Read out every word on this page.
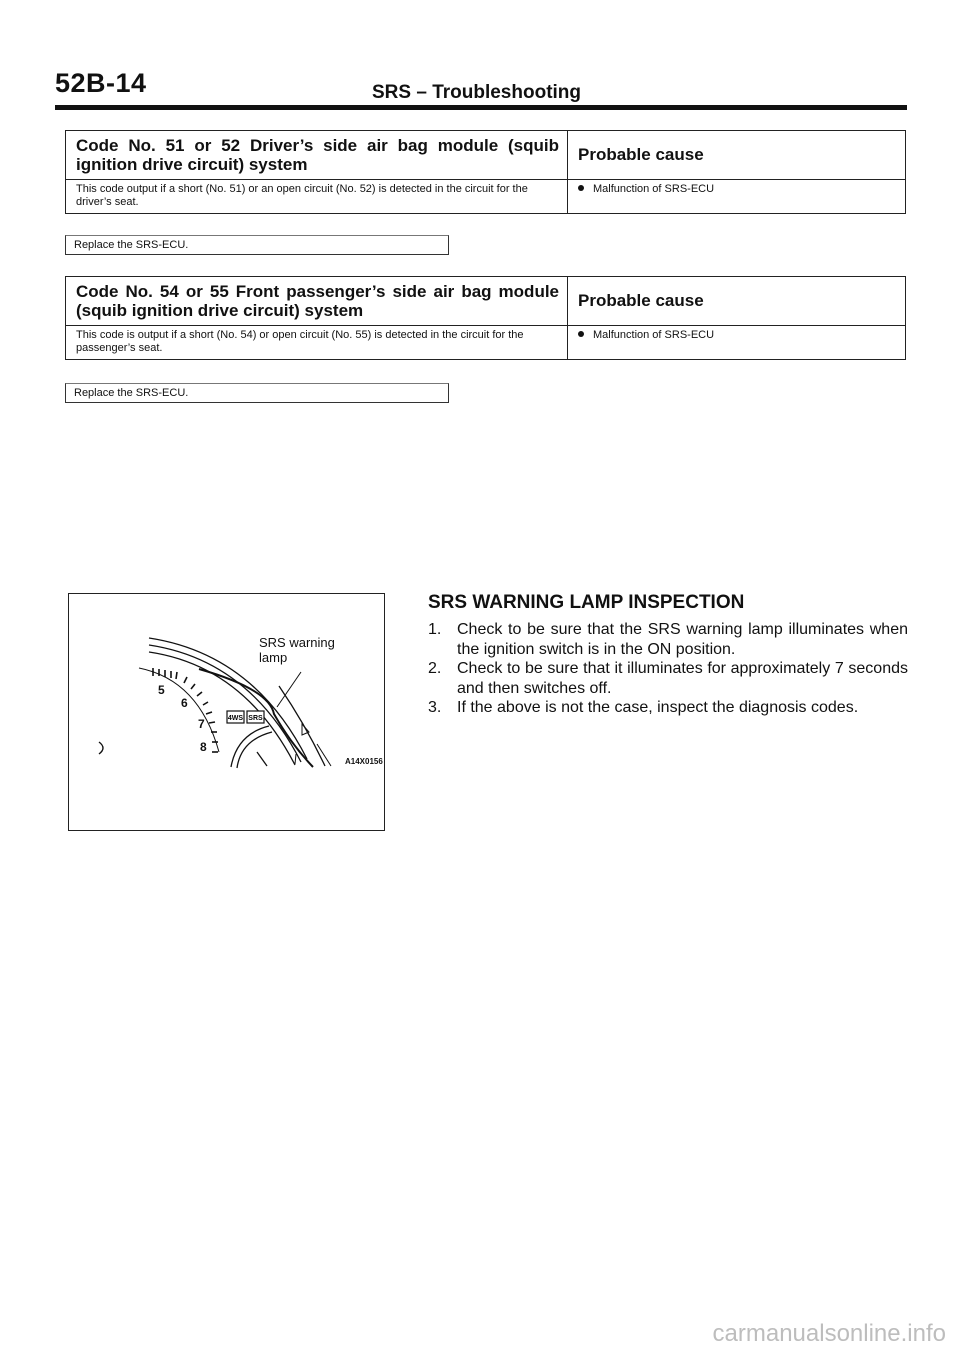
52B-14	SRS – Troubleshooting
Code No. 51 or 52 Driver’s side air bag module (squib ignition drive circuit) system
Probable cause
This code output if a short (No. 51) or an open circuit (No. 52) is detected in the circuit for the driver’s seat.
Malfunction of SRS-ECU
Replace the SRS-ECU.
Code No. 54 or 55 Front passenger’s side air bag module (squib ignition drive circuit) system
Probable cause
This code is output if a short (No. 54) or open circuit (No. 55) is detected in the circuit for the passenger’s seat.
Malfunction of SRS-ECU
Replace the SRS-ECU.
4WS SRS
5
6
7
8
SRS warning
lamp
A14X0156
SRS WARNING LAMP INSPECTION
1. Check to be sure that the SRS warning lamp illuminates when the ignition switch is in the ON position.
2. Check to be sure that it illuminates for approximately 7 seconds and then switches off.
3. If the above is not the case, inspect the diagnosis codes.
carmanualsonline.info
